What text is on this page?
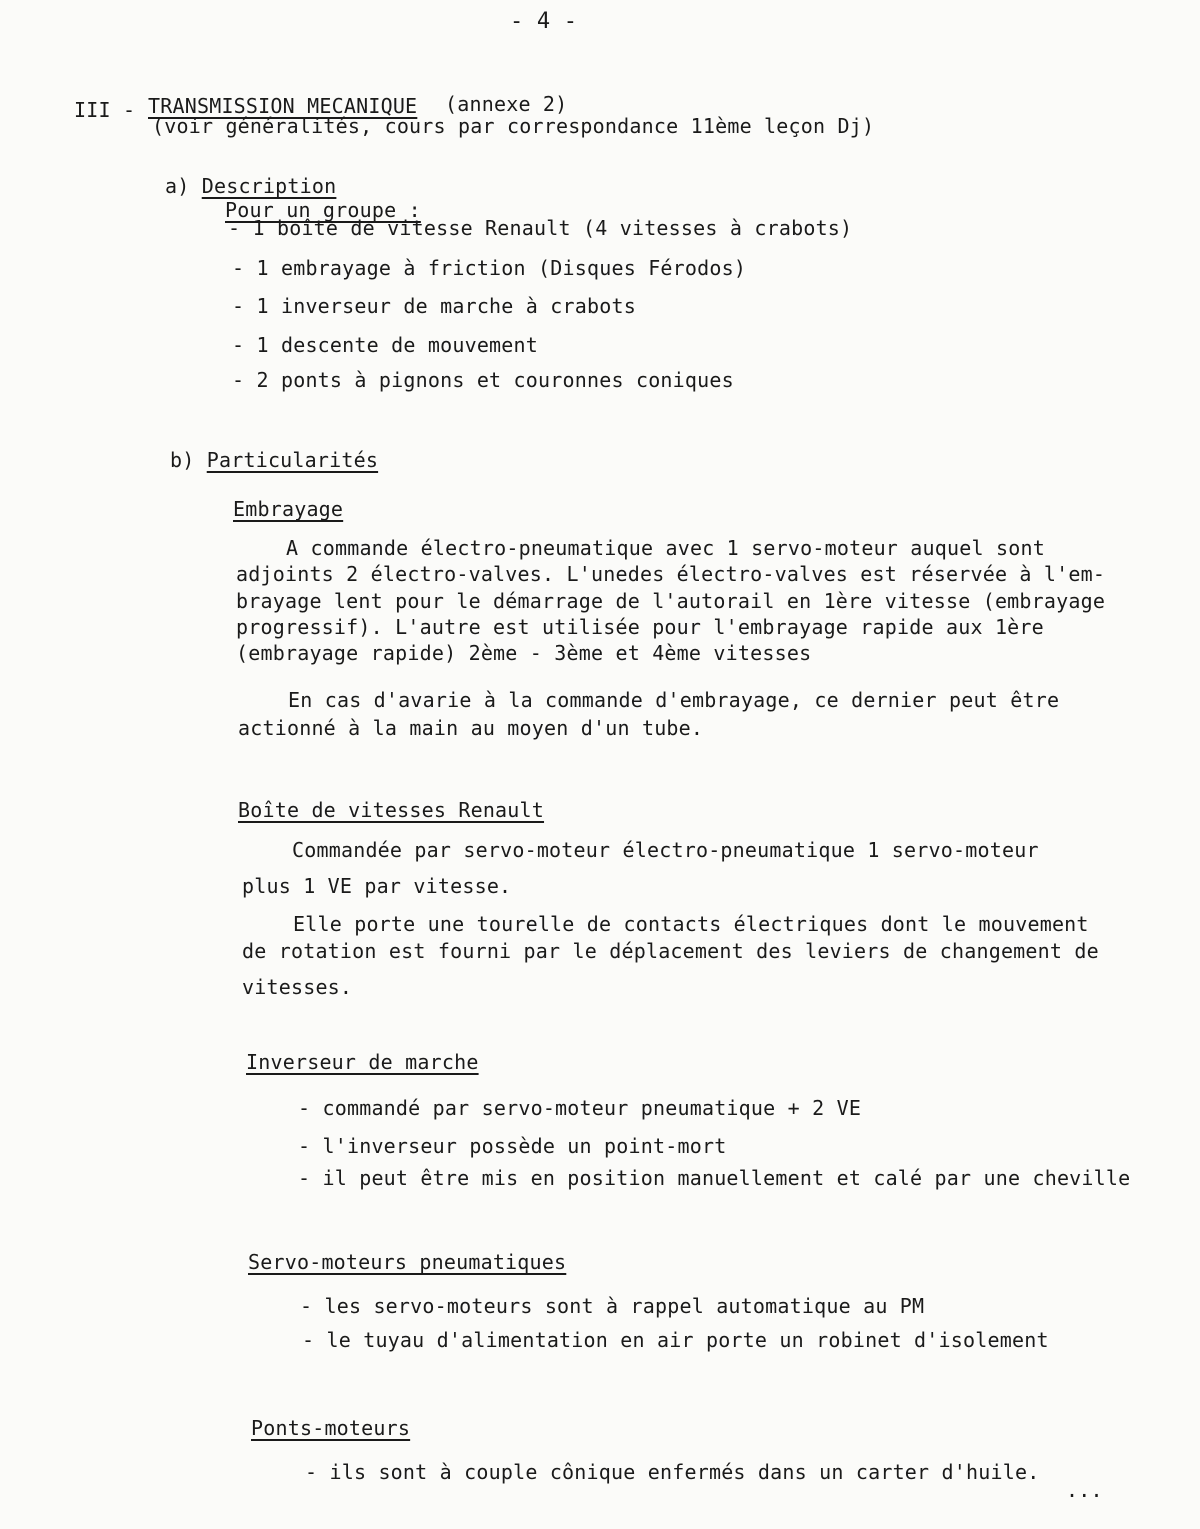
- 4 -
III - TRANSMISSION MECANIQUE (annexe 2)
(voir généralités, cours par correspondance 11ème leçon Dj)
a) Description
Pour un groupe :
- 1 boîte de vitesse Renault (4 vitesses à crabots)
- 1 embrayage à friction (Disques Férodos)
- 1 inverseur de marche à crabots
- 1 descente de mouvement
- 2 ponts à pignons et couronnes coniques
b) Particularités
Embrayage
A commande électro-pneumatique avec 1 servo-moteur auquel sont
adjoints 2 électro-valves. L'unedes électro-valves est réservée à l'em-
brayage lent pour le démarrage de l'autorail en 1ère vitesse (embrayage
progressif). L'autre est utilisée pour l'embrayage rapide aux 1ère
(embrayage rapide) 2ème - 3ème et 4ème vitesses
En cas d'avarie à la commande d'embrayage, ce dernier peut être
actionné à la main au moyen d'un tube.
Boîte de vitesses Renault
Commandée par servo-moteur électro-pneumatique 1 servo-moteur
plus 1 VE par vitesse.
Elle porte une tourelle de contacts électriques dont le mouvement
de rotation est fourni par le déplacement des leviers de changement de
vitesses.
Inverseur de marche
- commandé par servo-moteur pneumatique + 2 VE
- l'inverseur possède un point-mort
- il peut être mis en position manuellement et calé par une cheville
Servo-moteurs pneumatiques
- les servo-moteurs sont à rappel automatique au PM
- le tuyau d'alimentation en air porte un robinet d'isolement
Ponts-moteurs
- ils sont à couple cônique enfermés dans un carter d'huile.
...
